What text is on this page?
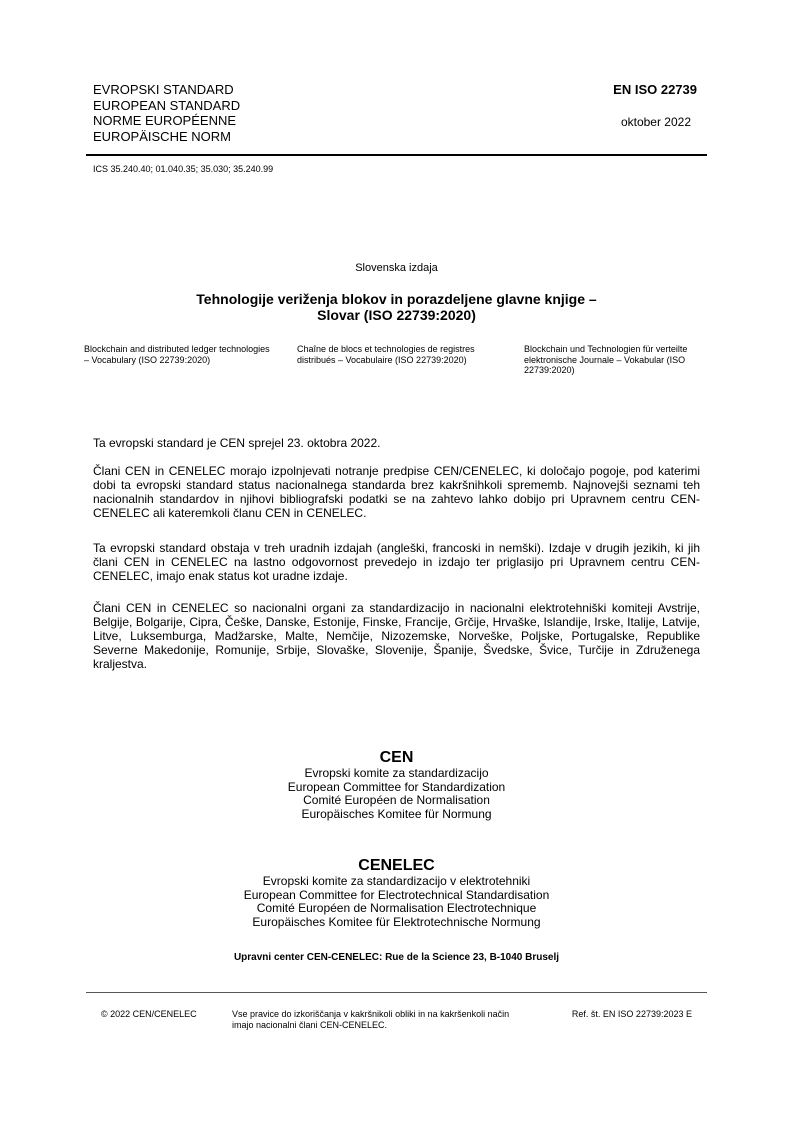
EVROPSKI STANDARD
EUROPEAN STANDARD
NORME EUROPÉENNE
EUROPÄISCHE NORM
EN ISO 22739
oktober 2022
ICS 35.240.40; 01.040.35; 35.030; 35.240.99
Slovenska izdaja
Tehnologije veriženja blokov in porazdeljene glavne knjige –
Slovar (ISO 22739:2020)
Blockchain and distributed ledger technologies – Vocabulary (ISO 22739:2020)
Chaîne de blocs et technologies de registres distribués – Vocabulaire (ISO 22739:2020)
Blockchain und Technologien für verteilte elektronische Journale – Vokabular (ISO 22739:2020)
Ta evropski standard je CEN sprejel 23. oktobra 2022.
Člani CEN in CENELEC morajo izpolnjevati notranje predpise CEN/CENELEC, ki določajo pogoje, pod katerimi dobi ta evropski standard status nacionalnega standarda brez kakršnihkoli sprememb. Najnovejši seznami teh nacionalnih standardov in njihovi bibliografski podatki se na zahtevo lahko dobijo pri Upravnem centru CEN-CENELEC ali kateremkoli članu CEN in CENELEC.
Ta evropski standard obstaja v treh uradnih izdajah (angleški, francoski in nemški). Izdaje v drugih jezikih, ki jih člani CEN in CENELEC na lastno odgovornost prevedejo in izdajo ter priglasijo pri Upravnem centru CEN-CENELEC, imajo enak status kot uradne izdaje.
Člani CEN in CENELEC so nacionalni organi za standardizacijo in nacionalni elektrotehniški komiteji Avstrije, Belgije, Bolgarije, Cipra, Češke, Danske, Estonije, Finske, Francije, Grčije, Hrvaške, Islandije, Irske, Italije, Latvije, Litve, Luksemburga, Madžarske, Malte, Nemčije, Nizozemske, Norveške, Poljske, Portugalske, Republike Severne Makedonije, Romunije, Srbije, Slovaške, Slovenije, Španije, Švedske, Švice, Turčije in Združenega kraljestva.
CEN
Evropski komite za standardizacijo
European Committee for Standardization
Comité Européen de Normalisation
Europäisches Komitee für Normung
CENELEC
Evropski komite za standardizacijo v elektrotehniki
European Committee for Electrotechnical Standardisation
Comité Européen de Normalisation Electrotechnique
Europäisches Komitee für Elektrotechnische Normung
Upravni center CEN-CENELEC: Rue de la Science 23, B-1040 Bruselj
© 2022 CEN/CENELEC	Vse pravice do izkoriščanja v kakršnikoli obliki in na kakršenkoli način imajo nacionalni člani CEN-CENELEC.
Ref. št. EN ISO 22739:2023 E
